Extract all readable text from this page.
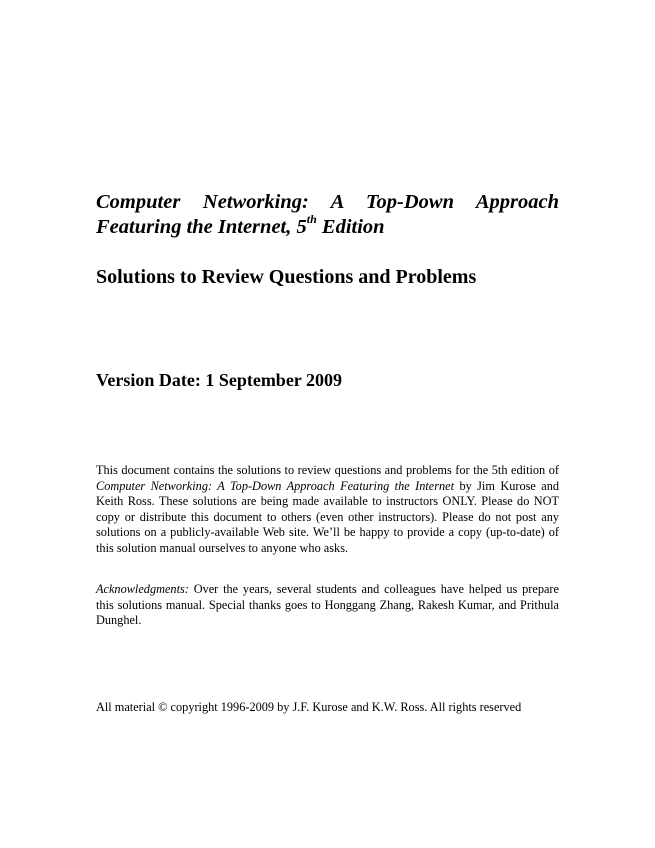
Computer Networking: A Top-Down Approach
Featuring the Internet, 5th Edition
Solutions to Review Questions and Problems
Version Date: 1 September 2009

This document contains the solutions to review questions and problems for the 5th edition of Computer Networking: A Top-Down Approach Featuring the Internet by Jim Kurose and Keith Ross. These solutions are being made available to instructors ONLY. Please do NOT copy or distribute this document to others (even other instructors). Please do not post any solutions on a publicly-available Web site. We’ll be happy to provide a copy (up-to-date) of this solution manual ourselves to anyone who asks.

Acknowledgments: Over the years, several students and colleagues have helped us prepare this solutions manual. Special thanks goes to Honggang Zhang, Rakesh Kumar, and Prithula Dunghel.

All material © copyright 1996-2009 by J.F. Kurose and K.W. Ross. All rights reserved
